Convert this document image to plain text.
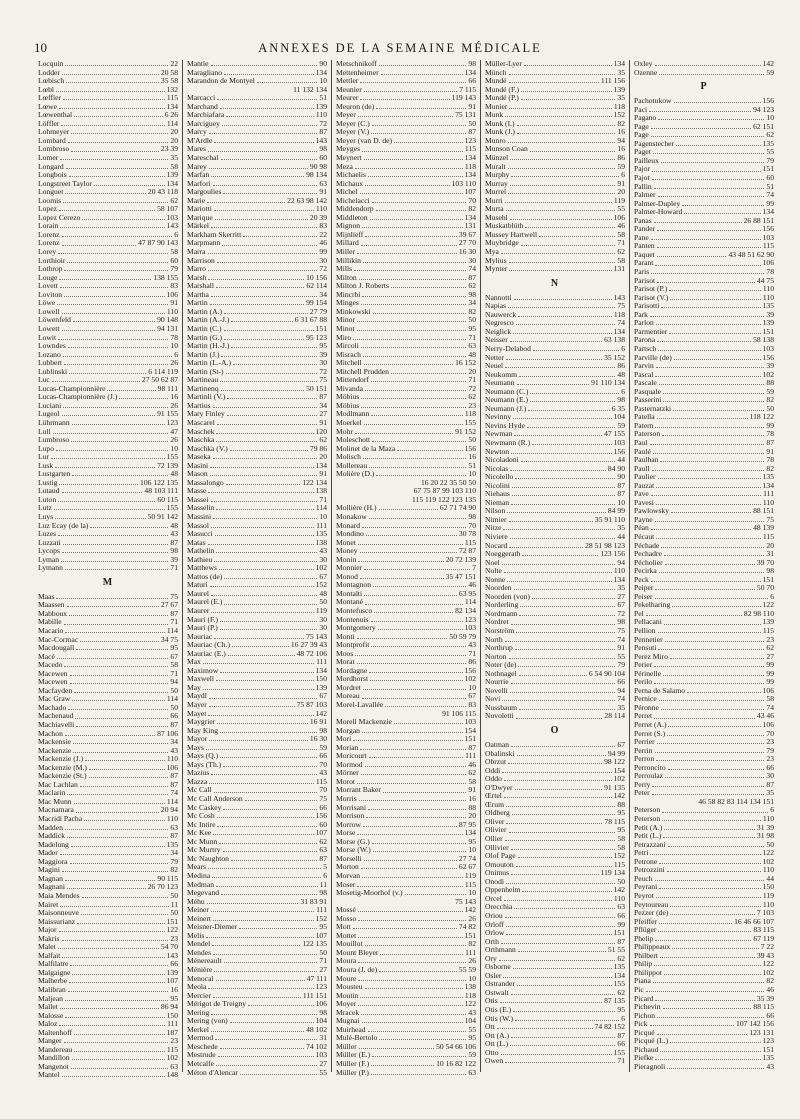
10	ANNEXES DE LA SEMAINE MÉDICALE
Locquin	22
Lodder	20 58
Lœbisch	35 58
Lœbl	132
Lœffler	115
Lœwe	134
Lœwenthal	6 26
Löffler	114
Lohmeyer	20
Lombard	20
Lombroso	23 39
Lomer	35
Longard	58
Longbois	139
Longstreet Taylor	134
Longuet	20 43 118
Loomis	62
Lopez	58 107
Lopez Cerezo	103
Lorain	143
Lorenz	6
Lorenz	47 87 90 143
Lorey	58
Lorthioir	60
Lothrop	79
Louge	138 155
Lovett	83
Loviton	106
Löwe	91
Lowell	110
Löwenfeld	90 148
Lowett	94 131
Lowit	78
Lowndes	10
Lozano	6
Lubbert	26
Lublinski	6 114 119
Luc	27 50 62 87
Lucas-Championnière	98 111
Lucas-Championnière (J.)	16
Luciani	26
Lugeol	91 155
Lührmann	123
Lull	47
Lumbroso	26
Lupo	10
Lur	155
Lusk	72 139
Lustgarten	48
Lustig	106 122 135
Lutaud	48 103 111
Luton	60 115
Lutz	155
Luys	50 91 142
Luz Ecay (de la)	48
Luzes	43
Luzzati	87
Lycops	98
Lyman	39
Lymann	71
M
Maas	75
Maassen	27 67
Mabboux	87
Mabille	71
Macario	114
Mac-Cormac	34 75
Macdougall	95
Macé	67
Macedo	58
Macewen	71
Macewen	94
Macfayden	50
Mac Graw	114
Machado	50
Machenaud	66
Machiavelli	87
Machon	87 106
Mackensie	34
Mackenzie	43
Mackenzie (J.)	110
Mackenzie (M.)	106
Mackenzie (St.)	87
Mac Lachlan	87
Maclarin	74
Mac Munn	114
Macnamara	20 94
Macridi Pacha	110
Madden	63
Maddick	87
Madelung	135
Mader	34
Maggiora	79
Magini	82
Magnan	90 115
Magnani	26 70 123
Maia Mendes	50
Mairet	11
Maisonneuve	50
Maissurianz	151
Major	122
Makris	23
Malet	54 70
Malfait	143
Malfilatre	66
Malgaigne	139
Malherbe	107
Malibran	16
Maljean	95
Mallet	86 94
Malosse	150
Maloz	111
Maltenhoff	187
Manger	23
Mandereau	115
Mandillon	102
Mangenot	63
Mantel	148
Mantle	90
Maragliano	134
Marandon de Montyel	10
11 132 134
Marcacci	51
Marchand	139
Marchiafara	110
Marciguey	72
Marcy	87
M'Ardle	143
Mares	98
Mareschal	60
Marey	90 98
Marfan	98 134
Marfori	63
Margoulies	91
Marie	22 63 98 142
Mariotti	110
Marique	20 39
Märkel	83
Markham Skerritt	22
Marpmann	46
Marra	99
Marrison	30
Marro	72
Marsh	10 156
Marshall	62 114
Martha	34
Martin	99 154
Martin (A.)	27 79
Martin (A.-J.)	6 31 67 88
Martin (C.)	151
Martin (G.)	95 123
Martin (H.-J.)	95
Martin (J.)	39
Martin (L.-A.)	30
Martin (St-)	72
Martineau	75
Martinenq	50 151
Martinli (V.)	87
Martius	34
Mary Finley	27
Mascarel	91
Maschek	120
Maschka	62
Maschka (V.)	79 86
Maseka	20
Masini	134
Mason	91
Massalongo	122 134
Masse	138
Massei	71
Masselin	114
Massini	10
Massol	111
Masucci	135
Matas	138
Mathelin	43
Mathieu	30
Matthews	102
Mattos (de)	67
Maturi	152
Maurel	48
Maurel (E.)	50
Maurer	119
Mauri (F.)	30
Mauri (P.)	30
Mauriac	75 143
Mauriac (Ch.)	16 27 39 43
Mauriac (E.)	48 72 106
Max	111
Maximow	134
Maxwell	150
May	139
Maydl	67
Mayer	75 87 103
Mayet	142
Maygrier	16 91
May King	98
Mayor	16 30
Mays	59
Mays (Q.)	66
Mays (Th.)	70
Mazius	43
Mazza	115
Mc Call	70
Mc Call Anderson	75
Mc Caskey	66
Mc Cosh	156
Mc Intire	60
Mc Kee	107
Mc Munn	62
Mc Murtry	63
Mc Naughton	87
Mears	5
Medina	6
Medman	11
Megevand	98
Méhu	31 83 91
Meiner	111
Meinert	152
Meisner-Diemer	95
Melis	107
Mendel	122 135
Mendes	50
Ménereault	71
Ménière	27
Menocal	47 111
Meola	123
Mercier	111 151
Mérigot de Treigny	106
Mering	98
Mering (von)	104
Merkel	48 102
Mermod	31
Meschede	74 102
Mestrude	103
Metcalfe	27
Méton d'Alencar	55
Metschnikoff	98
Mettenheimer	134
Mettler	66
Meunier	7 115
Meurer	119 143
Meuron (de)	91
Meyer	75 131
Meyer (C.)	50
Meyer (V.)	87
Meyer (van D. de)	123
Meyges	115
Meynert	134
Meza	118
Michaelis	134
Michaux	103 110
Michel	107
Michelacci	70
Middendorp	82
Middleton	134
Mignon	131
Mijnlieff	39 67
Millard	27 70
Miller	16 30
Millikin	30
Mills	74
Milton	87
Milton J. Roberts	62
Mincrbi	98
Minges	34
Minkowski	82
Minor	50
Minot	95
Miro	71
Mircoli	63
Misrach	48
Mitchell	16 152
Mitchell Prudden	20
Mittendorf	71
Mivanda	72
Möbius	62
Möbius	23
Modlmann	118
Moerkel	155
Mohr	91 152
Moleschott	50
Molinet de la Maza	156
Molisch	16
Mollereau	51
Molière (D.)	10
16 20 22 35 50 50
67 75 87 99 103 110
115 119 122 123 135
Mollière (H.)	62 71 74 90
Monakow	98
Monard	70
Mondino	30 78
Monet	115
Money	72 87
Monin	20 72 139
Monnier	7
Monod	35 47 151
Montagnon	46
Montalti	63 95
Montané	114
Montefusco	82 134
Montenuis	123
Montgomery	103
Monti	50 59 79
Montprofit	43
Moos	71
Morat	86
Mordagne	156
Mordhorst	102
Mordret	10
Moreau	67
Morel-Lavallée	83
91 106 115
Morell Mackenzie	103
Morgan	154
Mori	151
Morian	87
Moricourt	111
Mormod	46
Mörner	62
Morot	58
Morrant Baker	91
Morris	16
Morrisani	88
Morrison	20
Morrow	87 95
Morse	134
Morse (G.)	95
Morse (W.)	10
Morselli	27 74
Morton	62 67
Morvan	119
Moser	115
Mosetig-Moorhof (v.)	10
75 143
Mossé	142
Mosso	26
Mott	74 82
Mottet	151
Mouillot	82
Mount Bleyer	111
Moura	26
Moura (J. de)	55 59
Moure	10
Mousteu	138
Moutin	118
Moyer	122
Mracek	43
Mugnai	104
Muirhead	55
Mulé-Bertolo	95
Müller	50 54 66 106
Müller (E.)	59
Müller (F.)	10 16 82 122
Müller (P.)	63
Müller-Lyer	134
Münch	35
Mundé	111 156
Mundé (F.)	139
Mundé (P.)	35
Munier	118
Munk	152
Munk (I.)	82
Munk (J.)	16
Munro	94
Munson Coan	16
Münzel	86
Muralt	59
Murphy	6
Murray	91
Murrel	20
Murri	119
Murta	55
Musehl	106
Muskatblüth	46
Mussey Hartwell	58
Muybridge	71
Mya	62
Mylius	58
Mynter	131
N
Nannotti	143
Napias	75
Nauwerck	118
Negresco	74
Neiglick	134
Neisser	63 138
Nerry-Delabod	6
Netter	35 152
Neuel	86
Neukomm	48
Neumann	91 110 134
Neumann (C.)	6
Neumann (E.)	98
Neumann (J.)	6 35
Nevinny	104
Nevins Hyde	59
Newman	47 155
Newmann (R.)	103
Newton	156
Nicoladoni	44
Nicolas	84 90
Nicolello	90
Nicolini	87
Niehaus	87
Nieman	10
Nilson	84 99
Nimier	35 91 110
Nitze	35
Niviere	44
Nocard	28 51 98 123
Noeggerath	123 156
Noel	94
Nolte	110
Nonne	134
Noorden	35
Noorden (von)	27
Norderling	67
Nordmann	72
Nordret	98
Norström	75
North	74
Northrup	91
Norton	55
Noter (de)	79
Nothnagel	6 54 90 104
Nourrie	66
Novelli	94
Novi	74
Nussbaum	35
Nuvoletti	28 114
O
Oatman	67
Obalinski	94 99
Obrzut	98 122
Oddi	154
Oddo	102
O'Dwyer	91 135
Œrtel	142
Œrum	88
Oldberg	95
Oliver	78 115
Olivier	95
Ollier	58
Ollivier	58
Olof Page	152
Omouton	115
Onimus	119 134
Onodi	50
Oppenheim	142
Orcel	110
Orecchia	63
Oriou	66
Orloff	99
Orlow	151
Orth	87
Orthmann	51 55
Ory	62
Osborne	135
Osler	134
Ostrander	155
Ostwalt	62
Otis	87 135
Otis (E.)	95
Otis (W.)	6
Ott	74 82 152
Ott (A.)	87
Ott (L.)	66
Otto	155
Owen	71
Oxley	142
Ozenne	59
P
Pachotukow	156
Paci	94 123
Pagano	10
Page	62 151
Page	62
Pagenstecher	135
Paget	55
Pailleux	79
Pajor	151
Pajot	60
Pallin	51
Palmer	74
Palmer-Dupley	99
Palmer-Howard	134
Panas	26 88 151
Pander	156
Pane	103
Panten	115
Paquet	43 48 51 62 90
Parant	106
Paris	78
Parisot	44 75
Parisot (P.)	110
Parisot (V.)	110
Parisotti	135
Park	39
Parlon	139
Parmentier	151
Parona	58 138
Partsch	103
Parville (de)	156
Parvin	39
Pascal	102
Pascale	88
Pasquale	59
Passerini	82
Pasternatzki	50
Patella	118 122
Patern	99
Paterson	78
Paul	87
Paulé	91
Paulhan	78
Paull	82
Paulier	135
Pauzat	134
Pave	111
Pavesi	110
Pawlowsky	88 151
Payne	75
Péan	48 139
Pécaut	115
Péchade	20
Pechadre	31
Pécholier	39 70
Pecirka	98
Peck	151
Peiper	50 70
Peiser	6
Pekelharing	122
Pel	82 98 110
Pellacani	139
Pellion	115
Pennetier	23
Pensuti	62
Perez Miro	27
Perier	99
Périnelle	99
Perilo	99
Perna de Salamo	106
Pernice	58
Péronne	74
Perret	43 46
Perret (A.)	106
Perret (S.)	70
Perrier	23
Perrin	79
Perron	23
Perroncito	66
Perroulaz	30
Perry	87
Peter	35
46 58 82 83 114 134 151
Peterson	6
Peterson	110
Petit (A.)	31 39
Petit (L.)	31 98
Petrazzani	50
Petri	122
Petrone	102
Petrozzini	110
Peuch	44
Peyrani	150
Peyrot	119
Peytoureau	110
Pezzer (de)	7 103
Pfeiffer	16 46 66 107
Pflüger	83 115
Phelip	67 119
Philippeaux	7 22
Philbert	39 43
Philip	122
Philippot	102
Piana	82
Pic	46
Picard	35 39
Pichevin	88 115
Pichon	66
Pick	107 142 156
Picqué	123 131
Picqué (L.)	123
Pichaud	151
Piefke	135
Pieragnoli	43
